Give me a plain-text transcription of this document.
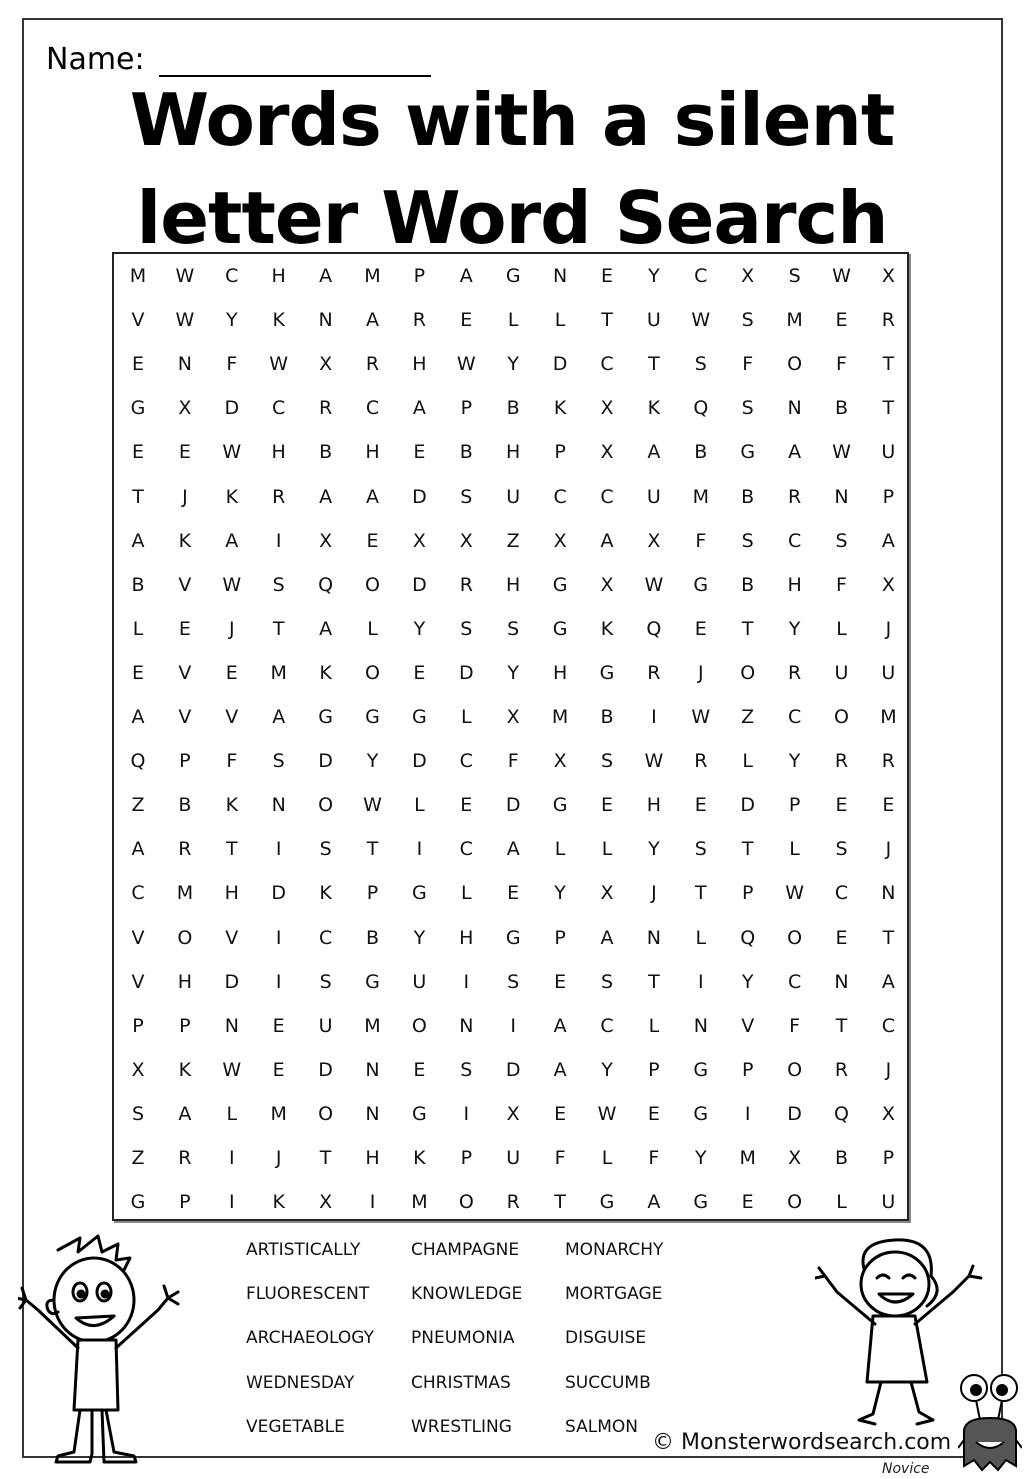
Name:
Words with a silent
letter Word Search
M	W	C	H	A	M	P	A	G	N	E	Y	C	X	S	W	X
V	W	Y	K	N	A	R	E	L	L	T	U	W	S	M	E	R
E	N	F	W	X	R	H	W	Y	D	C	T	S	F	O	F	T
G	X	D	C	R	C	A	P	B	K	X	K	Q	S	N	B	T
E	E	W	H	B	H	E	B	H	P	X	A	B	G	A	W	U
T	J	K	R	A	A	D	S	U	C	C	U	M	B	R	N	P
A	K	A	I	X	E	X	X	Z	X	A	X	F	S	C	S	A
B	V	W	S	Q	O	D	R	H	G	X	W	G	B	H	F	X
L	E	J	T	A	L	Y	S	S	G	K	Q	E	T	Y	L	J
E	V	E	M	K	O	E	D	Y	H	G	R	J	O	R	U	U
A	V	V	A	G	G	G	L	X	M	B	I	W	Z	C	O	M
Q	P	F	S	D	Y	D	C	F	X	S	W	R	L	Y	R	R
Z	B	K	N	O	W	L	E	D	G	E	H	E	D	P	E	E
A	R	T	I	S	T	I	C	A	L	L	Y	S	T	L	S	J
C	M	H	D	K	P	G	L	E	Y	X	J	T	P	W	C	N
V	O	V	I	C	B	Y	H	G	P	A	N	L	Q	O	E	T
V	H	D	I	S	G	U	I	S	E	S	T	I	Y	C	N	A
P	P	N	E	U	M	O	N	I	A	C	L	N	V	F	T	C
X	K	W	E	D	N	E	S	D	A	Y	P	G	P	O	R	J
S	A	L	M	O	N	G	I	X	E	W	E	G	I	D	Q	X
Z	R	I	J	T	H	K	P	U	F	L	F	Y	M	X	B	P
G	P	I	K	X	I	M	O	R	T	G	A	G	E	O	L	U
ARTISTICALLY
FLUORESCENT
ARCHAEOLOGY
WEDNESDAY
VEGETABLE
CHAMPAGNE
KNOWLEDGE
PNEUMONIA
CHRISTMAS
WRESTLING
MONARCHY
MORTGAGE
DISGUISE
SUCCUMB
SALMON
© Monsterwordsearch.com
Novice
